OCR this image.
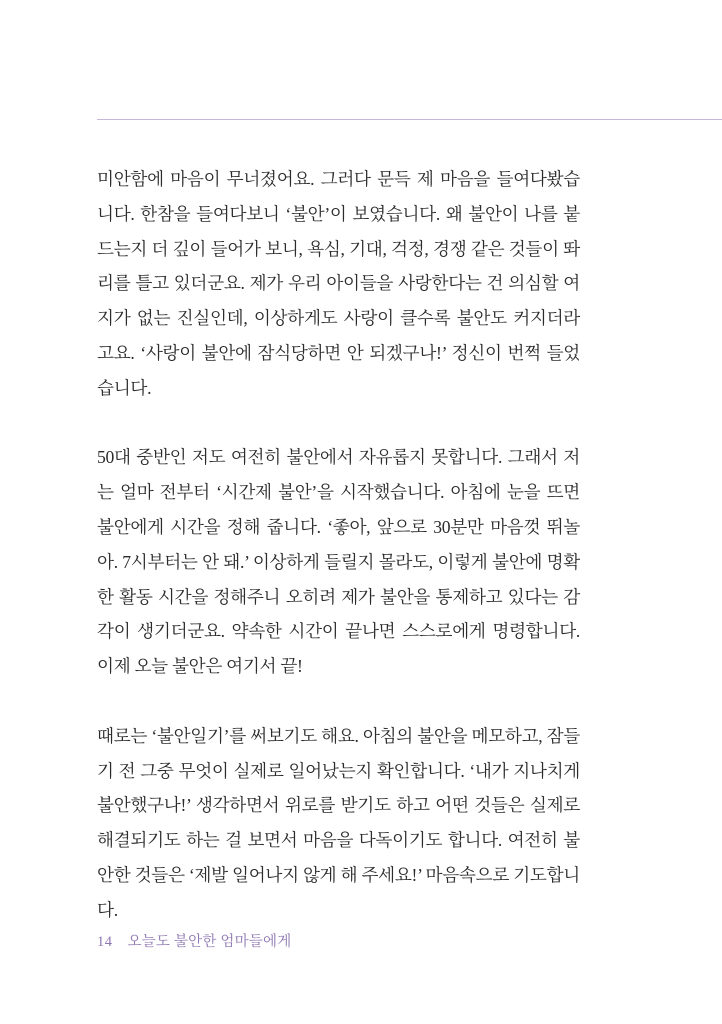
미안함에 마음이 무너졌어요. 그러다 문득 제 마음을 들여다봤습니다. 한참을 들여다보니 ‘불안’이 보였습니다. 왜 불안이 나를 붙드는지 더 깊이 들어가 보니, 욕심, 기대, 걱정, 경쟁 같은 것들이 똬리를 틀고 있더군요. 제가 우리 아이들을 사랑한다는 건 의심할 여지가 없는 진실인데, 이상하게도 사랑이 클수록 불안도 커지더라고요. ‘사랑이 불안에 잠식당하면 안 되겠구나!’ 정신이 번쩍 들었습니다.

50대 중반인 저도 여전히 불안에서 자유롭지 못합니다. 그래서 저는 얼마 전부터 ‘시간제 불안’을 시작했습니다. 아침에 눈을 뜨면 불안에게 시간을 정해 줍니다. ‘좋아, 앞으로 30분만 마음껏 뛰놀아. 7시부터는 안 돼.’ 이상하게 들릴지 몰라도, 이렇게 불안에 명확한 활동 시간을 정해주니 오히려 제가 불안을 통제하고 있다는 감각이 생기더군요. 약속한 시간이 끝나면 스스로에게 명령합니다. 이제 오늘 불안은 여기서 끝!

때로는 ‘불안일기’를 써보기도 해요. 아침의 불안을 메모하고, 잠들기 전 그중 무엇이 실제로 일어났는지 확인합니다. ‘내가 지나치게 불안했구나!’ 생각하면서 위로를 받기도 하고 어떤 것들은 실제로 해결되기도 하는 걸 보면서 마음을 다독이기도 합니다. 여전히 불안한 것들은 ‘제발 일어나지 않게 해 주세요!’ 마음속으로 기도합니다.

14 오늘도 불안한 엄마들에게
